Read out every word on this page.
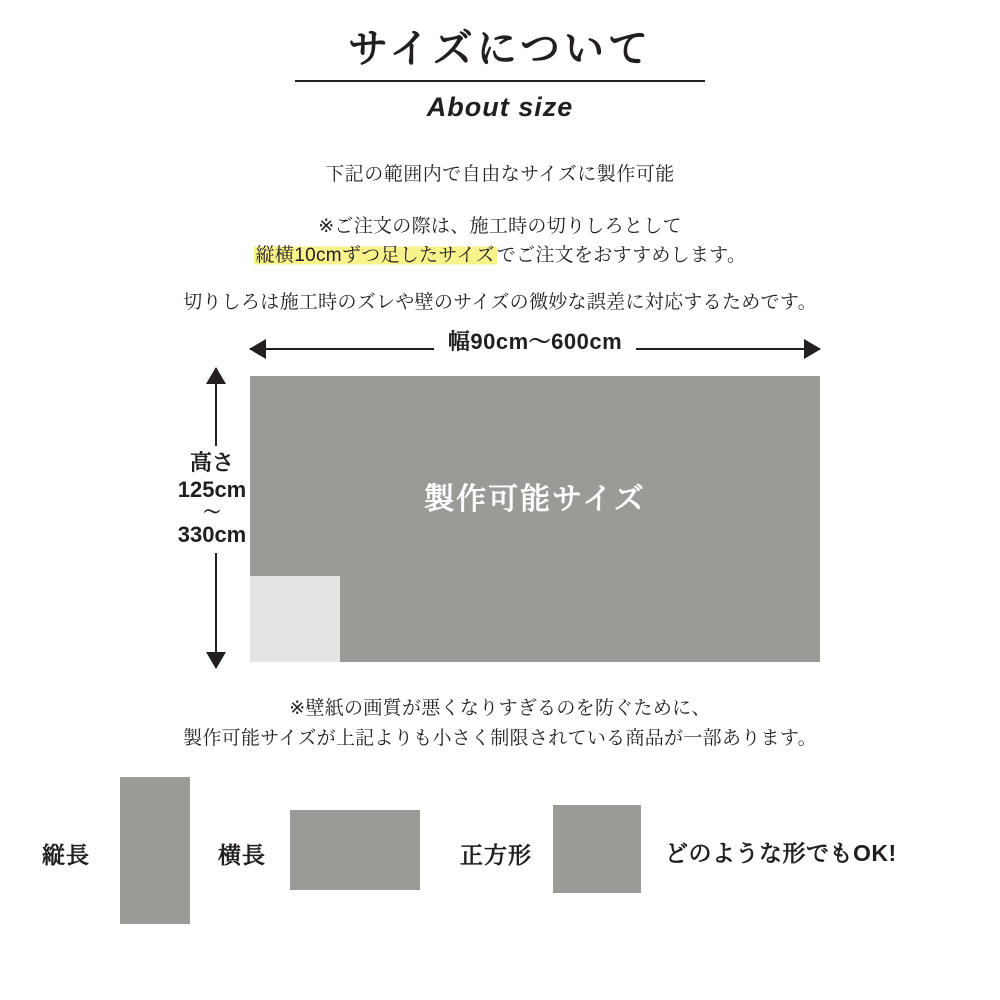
サイズについて

About size

下記の範囲内で自由なサイズに製作可能
※ご注文の際は、施工時の切りしろとして
縦横10cmずつ足したサイズ でご注文をおすすめします。
切りしろは施工時のズレや壁のサイズの微妙な誤差に対応するためです。
幅90cm〜600cm
高さ
125cm
〜
330cm
製作可能サイズ
※壁紙の画質が悪くなりすぎるのを防ぐために、
製作可能サイズが上記よりも小さく制限されている商品が一部あります。
縦長	横長	正方形	どのような形でもOK!
